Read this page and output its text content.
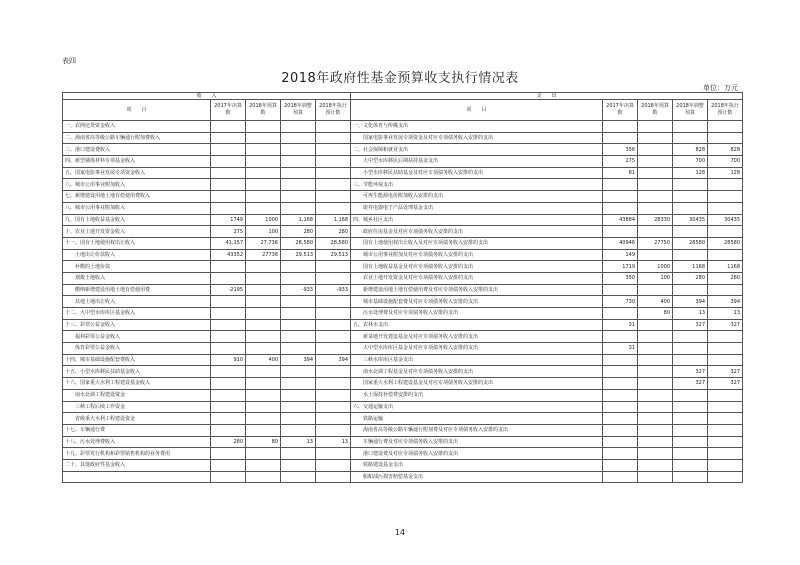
表四
2018年政府性基金预算收支执行情况表
单位：万元
收　　入					支　　出				
项　　目	2017年决算数	2018年预算数	2018年调整预算	2018年执行预计数	项　　目	2017年决算数	2018年预算数	2018年调整预算	2018年执行预计数
一、农网还贷资金收入					一、文化体育与传媒支出				
二、海南省高等级公路车辆通行附加费收入					　　国家电影事业发展专项资金及对应专项债务收入安排的支出				
三、港口建设费收入					二、社会保障和就业支出	356		828	828
四、新型墙体材料专项基金收入					　　大中型水库移民后期扶持基金支出	275		700	700
五、国家电影事业发展专项资金收入					　　小型水库移民扶助基金及对应专项债务收入安排的支出	81		128	128
六、城市公用事业附加收入					三、节能环保支出				
七、新增建设用地土地有偿使用费收入					　　可再生能源电价附加收入安排的支出				
八、城市公用事业附加收入					　　废弃电器电子产品处理基金支出				
九、国有土地收益基金收入	1749	1000	1,168	1,168	四、城乡社区支出	43884	28330	30435	30435
十、农业土地开发资金收入	275	100	280	280	　　政府住房基金及对应专项债务收入安排的支出				
十一、国有土地使用权出让收入	41,157	27,736	28,580	28,580	　　国有土地使用权出让收入及对应专项债务收入安排的支出	40946	27750	28580	28580
　　土地出让价款收入	43352	27736	29,513	29,513	　　城市公用事业附加及对应专项债务收入安排的支出	149			
　　补缴的土地价款					　　国有土地收益基金及对应专项债务收入安排的支出	1719	1000	1168	1168
　　划拨土地收入					　　农业土地开发资金及对应专项债务收入安排的支出	350	100	280	280
　　缴纳新增建设用地土地有偿使用费	-2195		-933	-933	　　新增建设用地土地有偿使用费及对应专项债务收入安排的支出				
　　其他土地出让收入					　　城市基础设施配套费及对应专项债务收入安排的支出	730	400	394	394
十二、大中型水库库区基金收入					　　污水处理费及对应专项债务收入安排的支出		80	13	13
十三、彩票公益金收入					五、农林水支出	31		327	327
　　福利彩票公益金收入					　　新菜地开发建设基金及对应专项债务收入安排的支出				
　　体育彩票公益金收入					　　大中型水库库区基金及对应专项债务收入安排的支出	31			
十四、城市基础设施配套费收入	910	400	394	394	　　三峡水库库区基金支出				
十五、小型水库移民扶助基金收入					　　南水北调工程基金及对应专项债务收入安排的支出			327	327
十六、国家重大水利工程建设基金收入					　　国家重大水利工程建设基金及对应专项债务收入安排的支出			327	327
　　南水北调工程建设资金					　　水土保持补偿费安排的支出				
　　三峡工程后续工作资金					六、交通运输支出				
　　省级重大水利工程建设资金					　　铁路运输				
十七、车辆通行费					　　海南省高等级公路车辆通行附加费及对应专项债务收入安排的支出				
十八、污水处理费收入	280	80	13	13	　　车辆通行费及对应专项债务收入安排的支出				
十九、彩票发行机构和彩票销售机构的业务费用					　　港口建设费及对应专项债务收入安排的支出				
二十、其他政府性基金收入					　　铁路建设基金支出				
					　　船舶油污损害赔偿基金支出				
14
